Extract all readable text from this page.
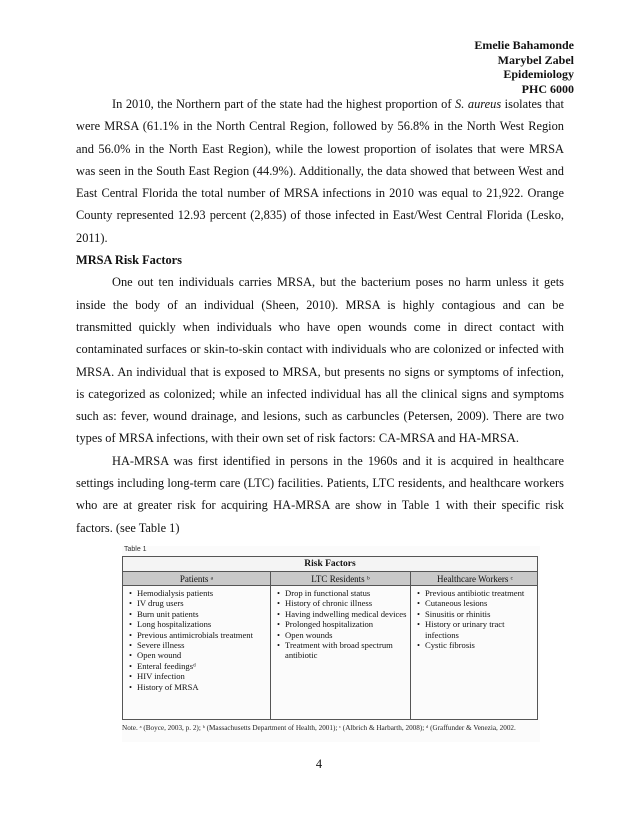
Emelie Bahamonde
Marybel Zabel
Epidemiology
PHC 6000

In 2010, the Northern part of the state had the highest proportion of S. aureus isolates that were MRSA (61.1% in the North Central Region, followed by 56.8% in the North West Region and 56.0% in the North East Region), while the lowest proportion of isolates that were MRSA was seen in the South East Region (44.9%). Additionally, the data showed that between West and East Central Florida the total number of MRSA infections in 2010 was equal to 21,922. Orange County represented 12.93 percent (2,835) of those infected in East/West Central Florida (Lesko, 2011).

MRSA Risk Factors

One out ten individuals carries MRSA, but the bacterium poses no harm unless it gets inside the body of an individual (Sheen, 2010). MRSA is highly contagious and can be transmitted quickly when individuals who have open wounds come in direct contact with contaminated surfaces or skin-to-skin contact with individuals who are colonized or infected with MRSA. An individual that is exposed to MRSA, but presents no signs or symptoms of infection, is categorized as colonized; while an infected individual has all the clinical signs and symptoms such as: fever, wound drainage, and lesions, such as carbuncles (Petersen, 2009). There are two types of MRSA infections, with their own set of risk factors: CA-MRSA and HA-MRSA.

HA-MRSA was first identified in persons in the 1960s and it is acquired in healthcare settings including long-term care (LTC) facilities. Patients, LTC residents, and healthcare workers who are at greater risk for acquiring HA-MRSA are show in Table 1 with their specific risk factors. (see Table 1)

Table 1
Risk Factors
Patients ᵃ	LTC Residents ᵇ	Healthcare Workers ᶜ
• Hemodialysis patients
• IV drug users
• Burn unit patients
• Long hospitalizations
• Previous antimicrobials treatment
• Severe illness
• Open wound
• Enteral feedingsᵈ
• HIV infection
• History of MRSA
• Drop in functional status
• History of chronic illness
• Having indwelling medical devices
• Prolonged hospitalization
• Open wounds
• Treatment with broad spectrum antibiotic
• Previous antibiotic treatment
• Cutaneous lesions
• Sinusitis or rhinitis
• History or urinary tract infections
• Cystic fibrosis
Note. ᵃ (Boyce, 2003, p. 2); ᵇ (Massachusetts Department of Health, 2001); ᶜ (Albrich & Harbarth, 2008); ᵈ (Graffunder & Venezia, 2002.
4
